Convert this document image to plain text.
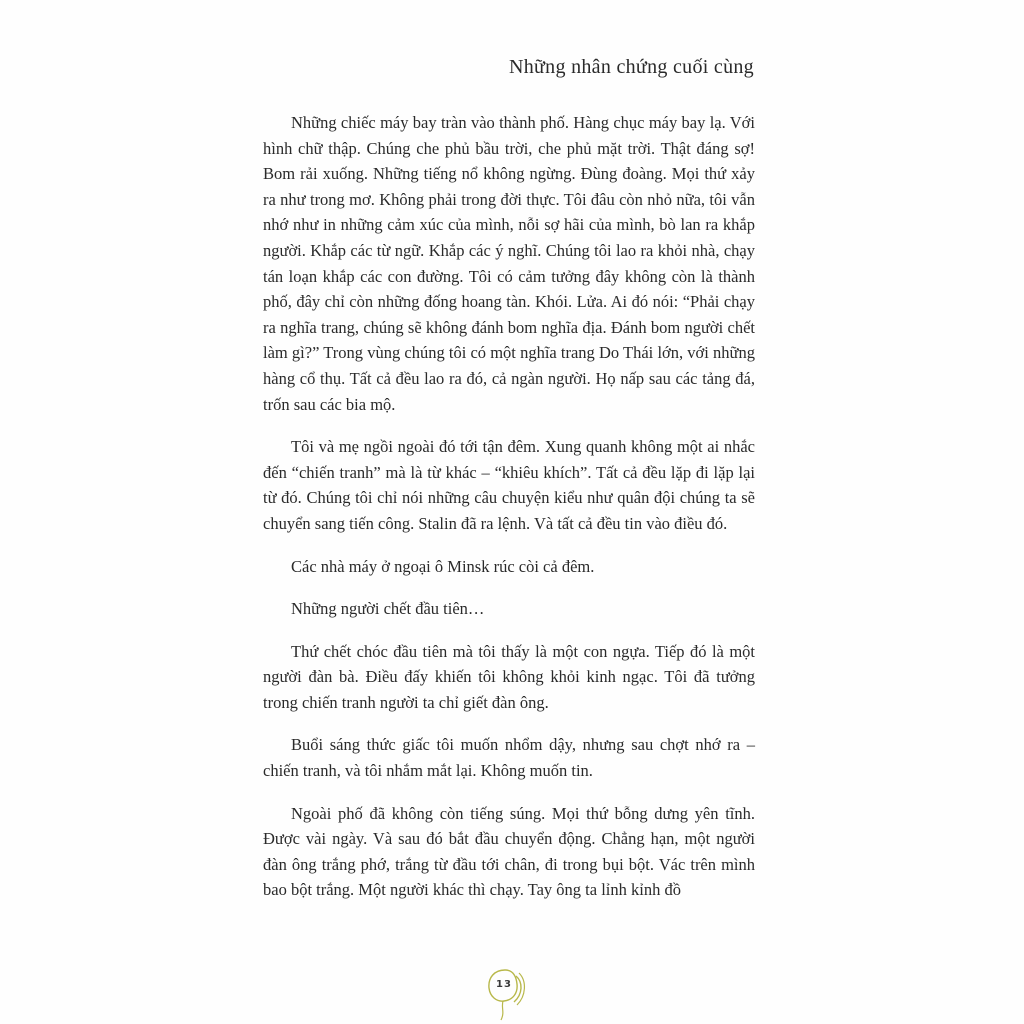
Những nhân chứng cuối cùng

Những chiếc máy bay tràn vào thành phố. Hàng chục máy bay lạ. Với hình chữ thập. Chúng che phủ bầu trời, che phủ mặt trời. Thật đáng sợ! Bom rải xuống. Những tiếng nổ không ngừng. Đùng đoàng. Mọi thứ xảy ra như trong mơ. Không phải trong đời thực. Tôi đâu còn nhỏ nữa, tôi vẫn nhớ như in những cảm xúc của mình, nỗi sợ hãi của mình, bò lan ra khắp người. Khắp các từ ngữ. Khắp các ý nghĩ. Chúng tôi lao ra khỏi nhà, chạy tán loạn khắp các con đường. Tôi có cảm tưởng đây không còn là thành phố, đây chỉ còn những đống hoang tàn. Khói. Lửa. Ai đó nói: “Phải chạy ra nghĩa trang, chúng sẽ không đánh bom nghĩa địa. Đánh bom người chết làm gì?” Trong vùng chúng tôi có một nghĩa trang Do Thái lớn, với những hàng cổ thụ. Tất cả đều lao ra đó, cả ngàn người. Họ nấp sau các tảng đá, trốn sau các bia mộ.

Tôi và mẹ ngồi ngoài đó tới tận đêm. Xung quanh không một ai nhắc đến “chiến tranh” mà là từ khác – “khiêu khích”. Tất cả đều lặp đi lặp lại từ đó. Chúng tôi chỉ nói những câu chuyện kiểu như quân đội chúng ta sẽ chuyển sang tiến công. Stalin đã ra lệnh. Và tất cả đều tin vào điều đó.

Các nhà máy ở ngoại ô Minsk rúc còi cả đêm.

Những người chết đầu tiên…

Thứ chết chóc đầu tiên mà tôi thấy là một con ngựa. Tiếp đó là một người đàn bà. Điều đấy khiến tôi không khỏi kinh ngạc. Tôi đã tưởng trong chiến tranh người ta chỉ giết đàn ông.

Buổi sáng thức giấc tôi muốn nhổm dậy, nhưng sau chợt nhớ ra – chiến tranh, và tôi nhắm mắt lại. Không muốn tin.

Ngoài phố đã không còn tiếng súng. Mọi thứ bỗng dưng yên tĩnh. Được vài ngày. Và sau đó bắt đầu chuyển động. Chẳng hạn, một người đàn ông trắng phớ, trắng từ đầu tới chân, đi trong bụi bột. Vác trên mình bao bột trắng. Một người khác thì chạy. Tay ông ta lỉnh kỉnh đồ

13
